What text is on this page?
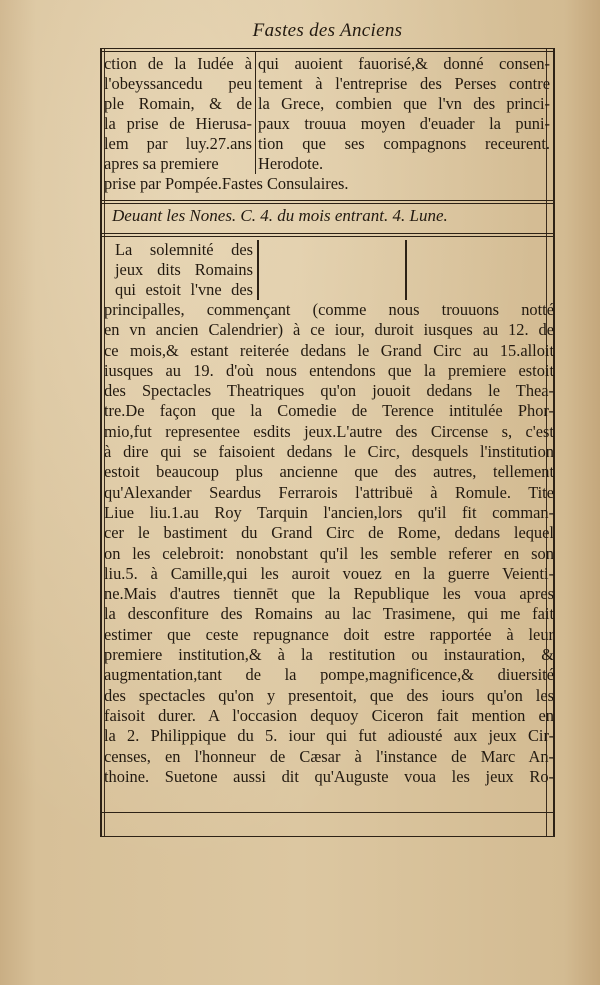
Fastes des Anciens

ction de la Iudée à

l'obeyssancedu peu

ple Romain, & de

la prise de Hierusa-

lem par luy.27.ans

apres sa premiere

qui auoient fauorisé,& donné consen-

tement à l'entreprise des Perses contre

la Grece, combien que l'vn des princi-

paux trouua moyen d'euader la puni-

tion que ses compagnons receurent.

Herodote.

prise par Pompée.Fastes Consulaires.

Deuant les Nones. C. 4. du mois entrant. 4. Lune.

La solemnité des

jeux dits Romains

qui estoit l'vne des

principalles, commençant (comme nous trouuons notté

en vn ancien Calendrier) à ce iour, duroit iusques au 12. de

ce mois,& estant reiterée dedans le Grand Circ au 15.alloit

iusques au 19. d'où nous entendons que la premiere estoit

des Spectacles Theatriques qu'on jouoit dedans le Thea-

tre.De façon que la Comedie de Terence intitulée Phor-

mio,fut representee esdits jeux.L'autre des Circense s, c'est

à dire qui se faisoient dedans le Circ, desquels l'institution

estoit beaucoup plus ancienne que des autres, tellement

qu'Alexander Seardus Ferrarois l'attribuë à Romule. Tite

Liue liu.1.au Roy Tarquin l'ancien,lors qu'il fit comman-

cer le bastiment du Grand Circ de Rome, dedans lequel

on les celebroit: nonobstant qu'il les semble referer en son

liu.5. à Camille,qui les auroit vouez en la guerre Veienti-

ne.Mais d'autres tiennēt que la Republique les voua apres

la desconfiture des Romains au lac Trasimene, qui me fait

estimer que ceste repugnance doit estre rapportée à leur

premiere institution,& à la restitution ou instauration, &

augmentation,tant de la pompe,magnificence,& diuersité

des spectacles qu'on y presentoit, que des iours qu'on les

faisoit durer. A l'occasion dequoy Ciceron fait mention en

la 2. Philippique du 5. iour qui fut adiousté aux jeux Cir-

censes, en l'honneur de Cæsar à l'instance de Marc An-

thoine. Suetone aussi dit qu'Auguste voua les jeux Ro-
